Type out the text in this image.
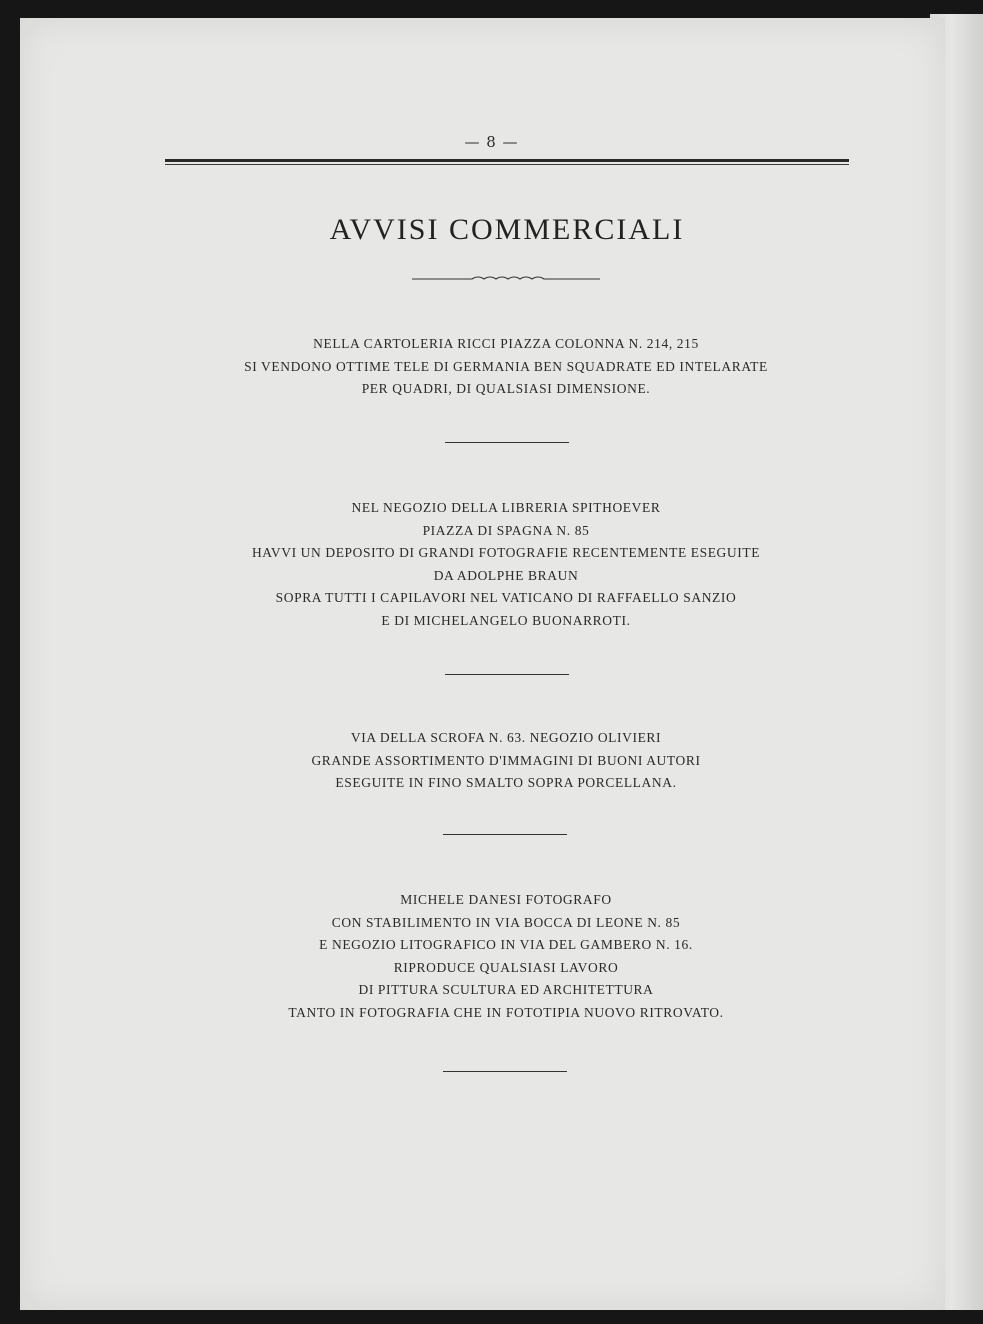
— 8 —
AVVISI COMMERCIALI
NELLA CARTOLERIA RICCI PIAZZA COLONNA N. 214, 215
SI VENDONO OTTIME TELE DI GERMANIA BEN SQUADRATE ED INTELARATE
PER QUADRI, DI QUALSIASI DIMENSIONE.
NEL NEGOZIO DELLA LIBRERIA SPITHOEVER
PIAZZA DI SPAGNA N. 85
HAVVI UN DEPOSITO DI GRANDI FOTOGRAFIE RECENTEMENTE ESEGUITE
DA ADOLPHE BRAUN
SOPRA TUTTI I CAPILAVORI NEL VATICANO DI RAFFAELLO SANZIO
E DI MICHELANGELO BUONARROTI.
VIA DELLA SCROFA N. 63. NEGOZIO OLIVIERI
GRANDE ASSORTIMENTO D'IMMAGINI DI BUONI AUTORI
ESEGUITE IN FINO SMALTO SOPRA PORCELLANA.
MICHELE DANESI FOTOGRAFO
CON STABILIMENTO IN VIA BOCCA DI LEONE N. 85
E NEGOZIO LITOGRAFICO IN VIA DEL GAMBERO N. 16.
RIPRODUCE QUALSIASI LAVORO
DI PITTURA SCULTURA ED ARCHITETTURA
TANTO IN FOTOGRAFIA CHE IN FOTOTIPIA NUOVO RITROVATO.
